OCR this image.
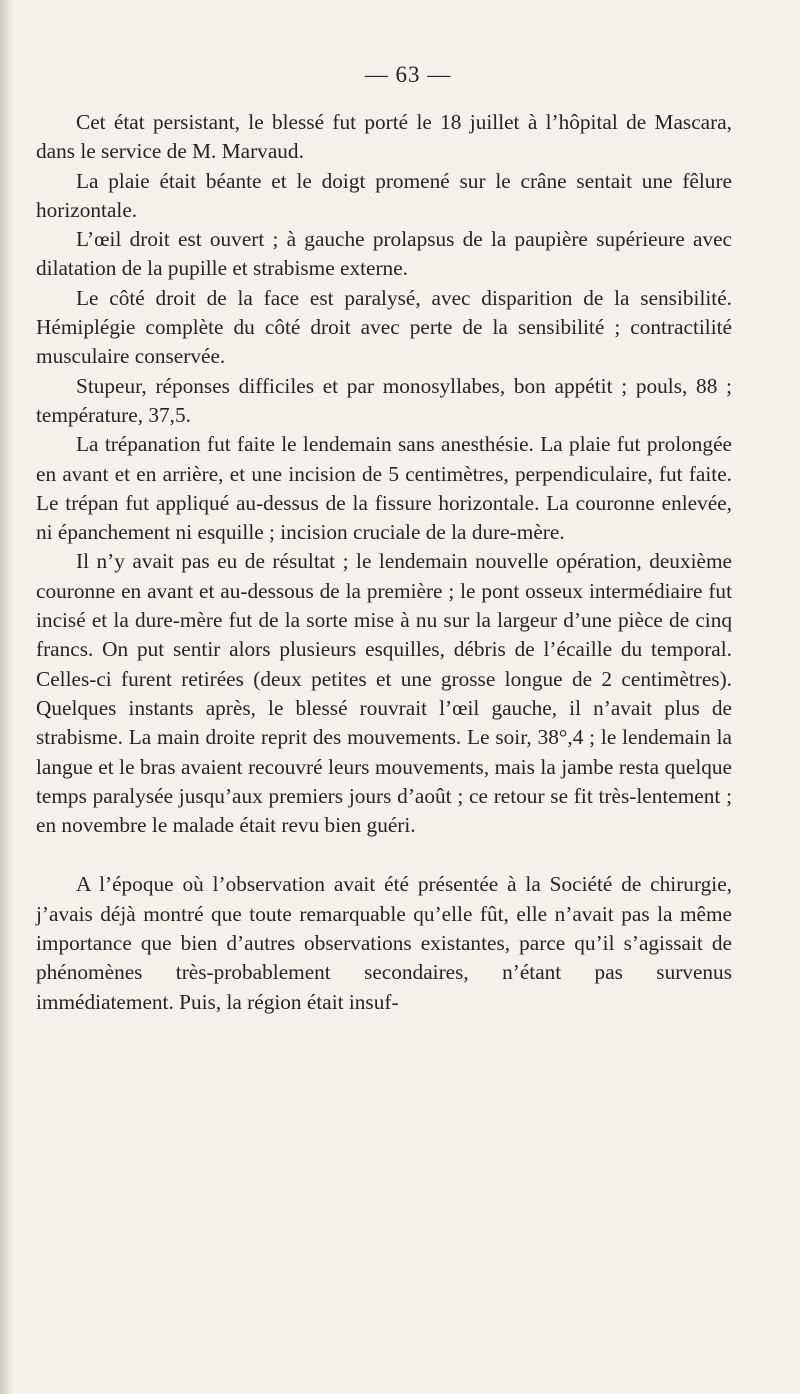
— 63 —

Cet état persistant, le blessé fut porté le 18 juillet à l’hôpital de Mascara, dans le service de M. Marvaud.

La plaie était béante et le doigt promené sur le crâne sentait une fêlure horizontale.

L’œil droit est ouvert ; à gauche prolapsus de la paupière supérieure avec dilatation de la pupille et strabisme externe.

Le côté droit de la face est paralysé, avec disparition de la sensibilité. Hémiplégie complète du côté droit avec perte de la sensibilité ; contractilité musculaire conservée.

Stupeur, réponses difficiles et par monosyllabes, bon appétit ; pouls, 88 ; température, 37,5.

La trépanation fut faite le lendemain sans anesthésie. La plaie fut prolongée en avant et en arrière, et une incision de 5 centimètres, perpendiculaire, fut faite. Le trépan fut appliqué au-dessus de la fissure horizontale. La couronne enlevée, ni épanchement ni esquille ; incision cruciale de la dure-mère.

Il n’y avait pas eu de résultat ; le lendemain nouvelle opération, deuxième couronne en avant et au-dessous de la première ; le pont osseux intermédiaire fut incisé et la dure-mère fut de la sorte mise à nu sur la largeur d’une pièce de cinq francs. On put sentir alors plusieurs esquilles, débris de l’écaille du temporal. Celles-ci furent retirées (deux petites et une grosse longue de 2 centimètres). Quelques instants après, le blessé rouvrait l’œil gauche, il n’avait plus de strabisme. La main droite reprit des mouvements. Le soir, 38°,4 ; le lendemain la langue et le bras avaient recouvré leurs mouvements, mais la jambe resta quelque temps paralysée jusqu’aux premiers jours d’août ; ce retour se fit très-lentement ; en novembre le malade était revu bien guéri.

A l’époque où l’observation avait été présentée à la Société de chirurgie, j’avais déjà montré que toute remarquable qu’elle fût, elle n’avait pas la même importance que bien d’autres observations existantes, parce qu’il s’agissait de phénomènes très-probablement secondaires, n’étant pas survenus immédiatement. Puis, la région était insuf-
